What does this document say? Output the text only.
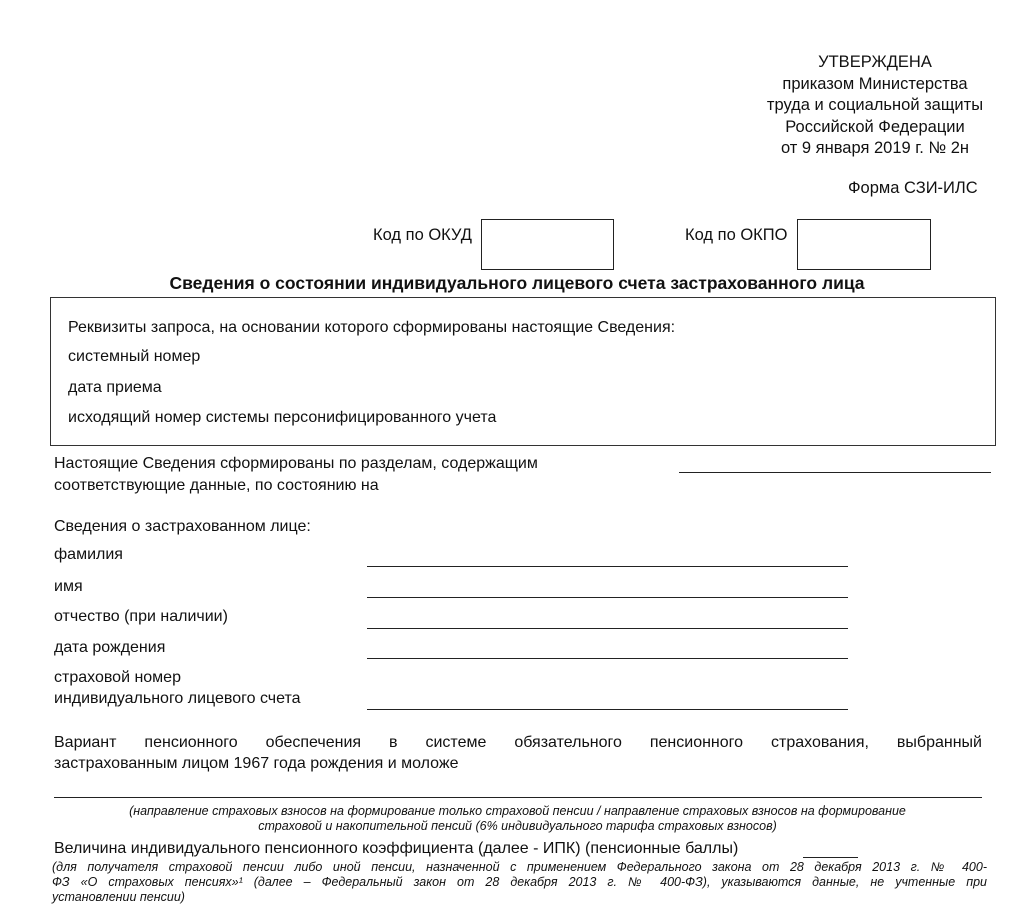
УТВЕРЖДЕНА
приказом Министерства
труда и социальной защиты
Российской Федерации
от 9 января 2019 г. № 2н
Форма СЗИ-ИЛС
Код по ОКУД	Код по ОКПО
Сведения о состоянии индивидуального лицевого счета застрахованного лица
Реквизиты запроса, на основании которого сформированы настоящие Сведения:
системный номер
дата приема
исходящий номер системы персонифицированного учета
Настоящие Сведения сформированы по разделам, содержащим
соответствующие данные, по состоянию на
Сведения о застрахованном лице:
фамилия
имя
отчество (при наличии)
дата рождения
страховой номер
индивидуального лицевого счета
Вариант пенсионного обеспечения в системе обязательного пенсионного страхования, выбранный
застрахованным лицом 1967 года рождения и моложе
(направление страховых взносов на формирование только страховой пенсии / направление страховых взносов на формирование
страховой и накопительной пенсий (6% индивидуального тарифа страховых взносов)
Величина индивидуального пенсионного коэффициента (далее - ИПК) (пенсионные баллы)
(для получателя страховой пенсии либо иной пенсии, назначенной с применением Федерального закона от 28 декабря 2013 г. № 400-
ФЗ «О страховых пенсиях»¹ (далее – Федеральный закон от 28 декабря 2013 г. № 400-ФЗ), указываются данные, не учтенные при
установлении пенсии)
